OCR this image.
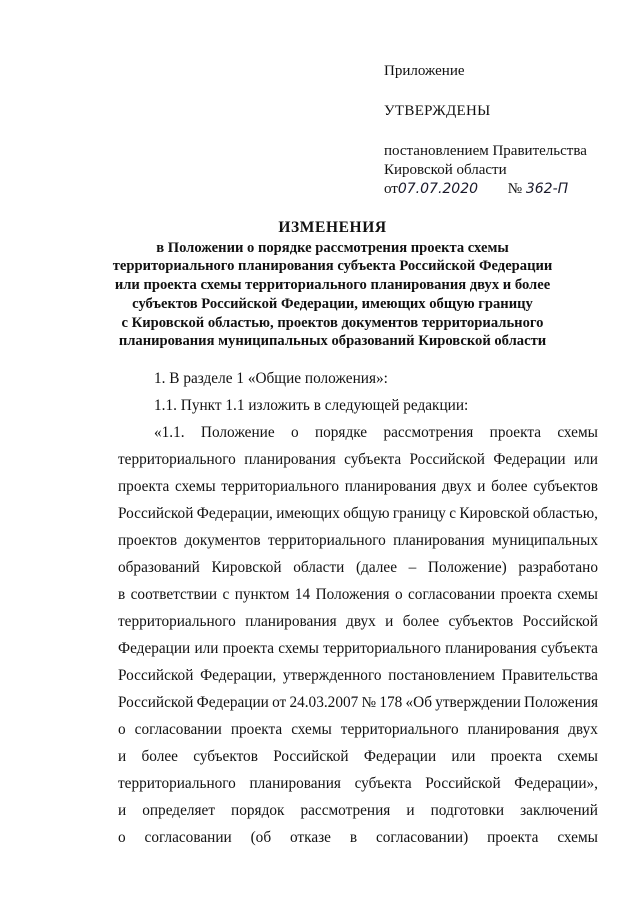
Приложение
УТВЕРЖДЕНЫ
постановлением Правительства
Кировской области
от07.07.2020 № 362-П
ИЗМЕНЕНИЯ
в Положении о порядке рассмотрения проекта схемы
территориального планирования субъекта Российской Федерации
или проекта схемы территориального планирования двух и более
субъектов Российской Федерации, имеющих общую границу
с Кировской областью, проектов документов территориального
планирования муниципальных образований Кировской области
1. В разделе 1 «Общие положения»:
1.1. Пункт 1.1 изложить в следующей редакции:
«1.1. Положение о порядке рассмотрения проекта схемы
территориального планирования субъекта Российской Федерации или
проекта схемы территориального планирования двух и более субъектов
Российской Федерации, имеющих общую границу с Кировской областью,
проектов документов территориального планирования муниципальных
образований Кировской области (далее – Положение) разработано
в соответствии с пунктом 14 Положения о согласовании проекта схемы
территориального планирования двух и более субъектов Российской
Федерации или проекта схемы территориального планирования субъекта
Российской Федерации, утвержденного постановлением Правительства
Российской Федерации от 24.03.2007 № 178 «Об утверждении Положения
о согласовании проекта схемы территориального планирования двух
и более субъектов Российской Федерации или проекта схемы
территориального планирования субъекта Российской Федерации»,
и определяет порядок рассмотрения и подготовки заключений
о согласовании (об отказе в согласовании) проекта схемы
